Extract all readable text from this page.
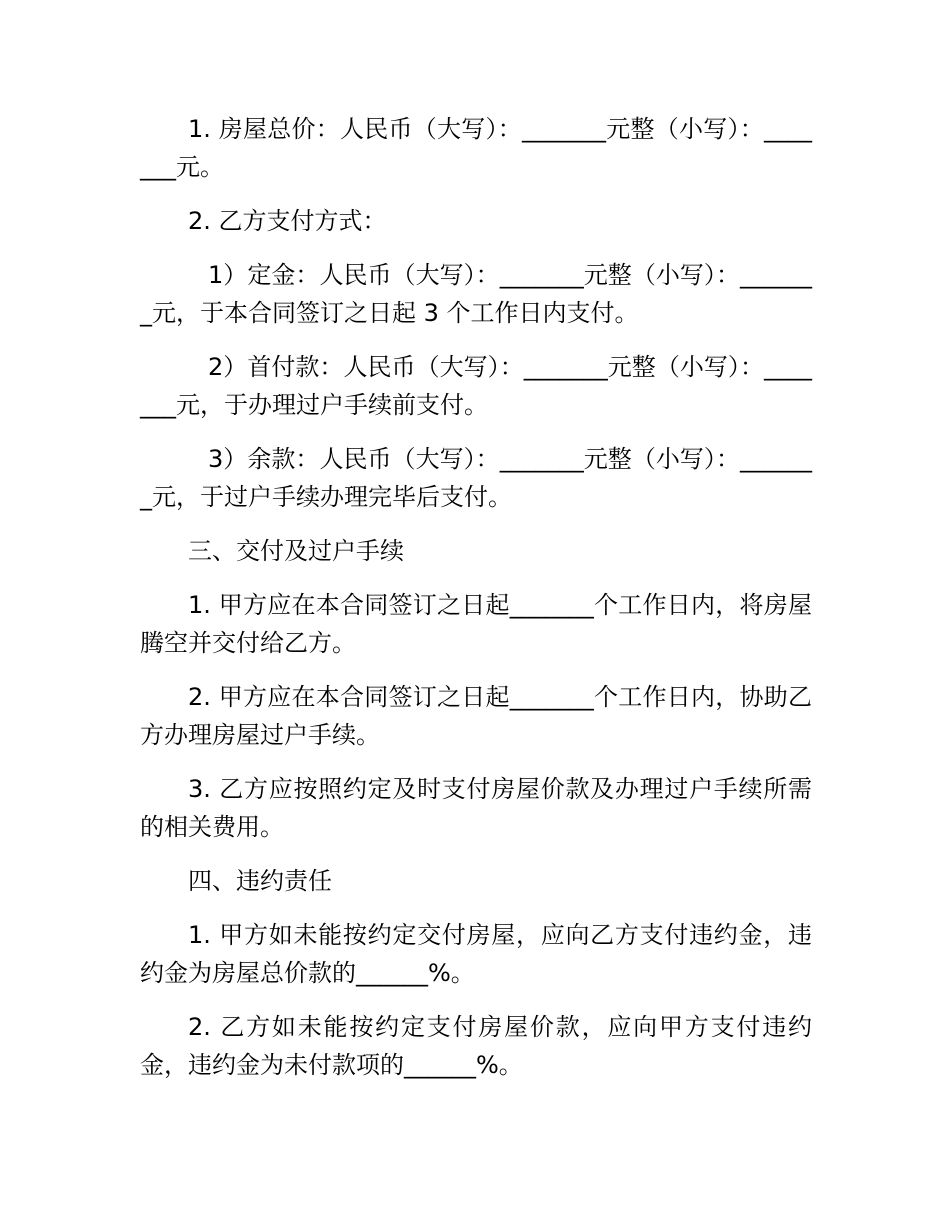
1. 房屋总价：人民币（大写）：_______元整（小写）：_______元。

2. 乙方支付方式：

1）定金：人民币（大写）：_______元整（小写）：_______元，于本合同签订之日起 3 个工作日内支付。

2）首付款：人民币（大写）：_______元整（小写）：_______元，于办理过户手续前支付。

3）余款：人民币（大写）：_______元整（小写）：_______元，于过户手续办理完毕后支付。

三、交付及过户手续

1. 甲方应在本合同签订之日起_______个工作日内，将房屋腾空并交付给乙方。

2. 甲方应在本合同签订之日起_______个工作日内，协助乙方办理房屋过户手续。

3. 乙方应按照约定及时支付房屋价款及办理过户手续所需的相关费用。

四、违约责任

1. 甲方如未能按约定交付房屋，应向乙方支付违约金，违约金为房屋总价款的______%。

2. 乙方如未能按约定支付房屋价款，应向甲方支付违约金，违约金为未付款项的______%。
